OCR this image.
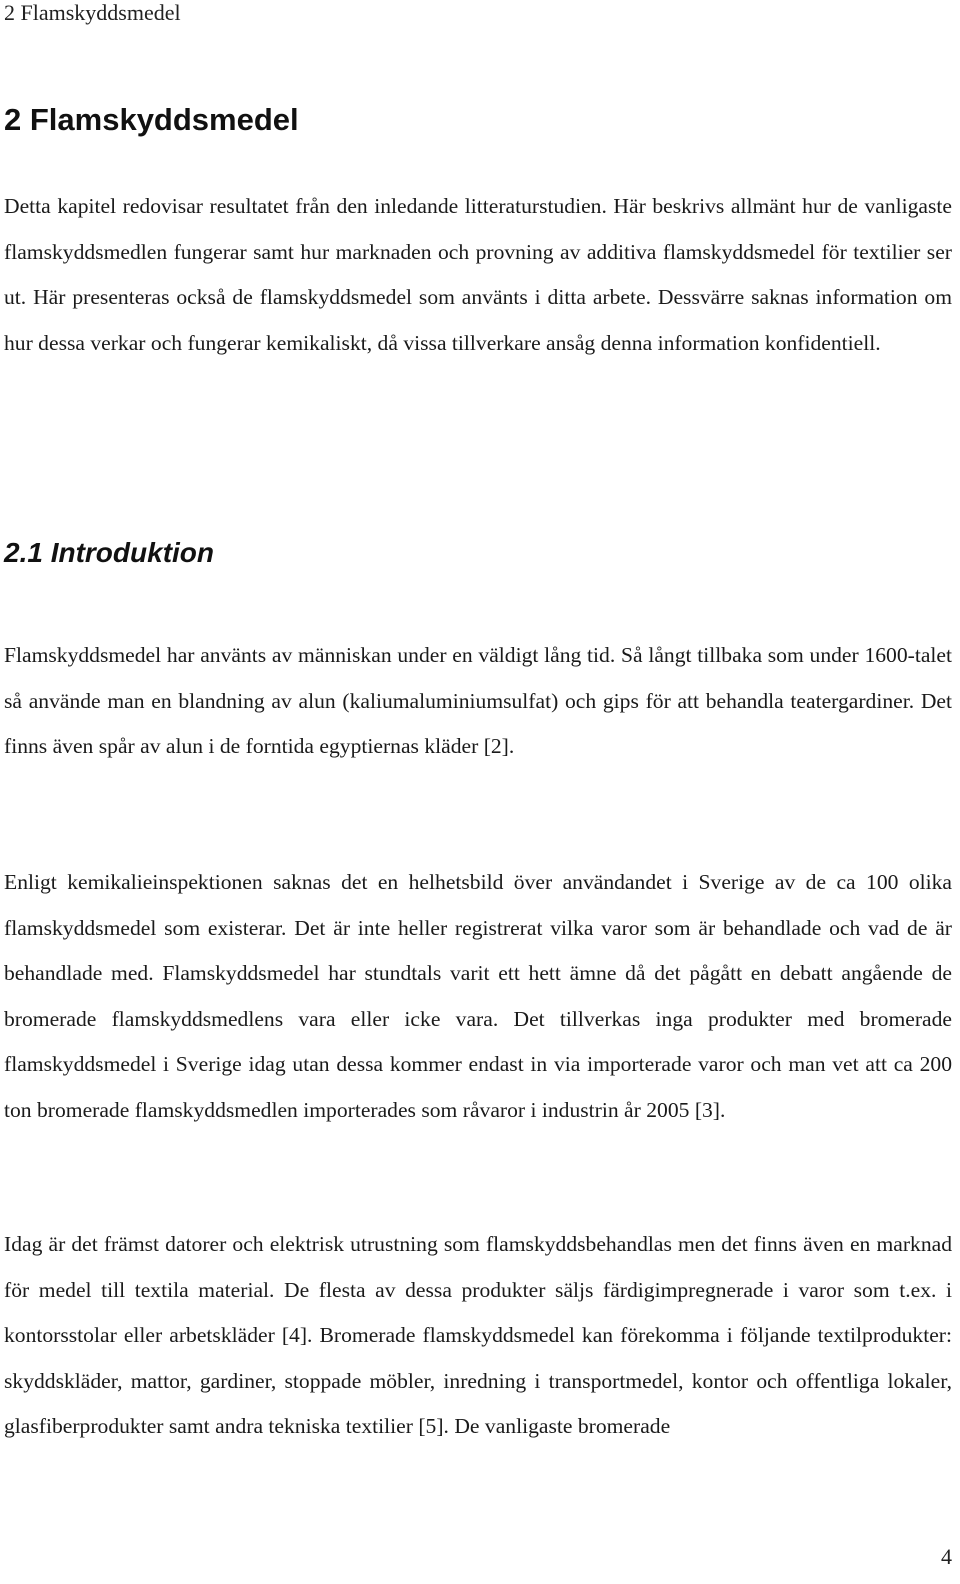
2 Flamskyddsmedel
2 Flamskyddsmedel

Detta kapitel redovisar resultatet från den inledande litteraturstudien. Här beskrivs allmänt hur de vanligaste flamskyddsmedlen fungerar samt hur marknaden och provning av additiva flamskyddsmedel för textilier ser ut. Här presenteras också de flamskyddsmedel som använts i ditta arbete. Dessvärre saknas information om hur dessa verkar och fungerar kemikaliskt, då vissa tillverkare ansåg denna information konfidentiell.

2.1 Introduktion

Flamskyddsmedel har använts av människan under en väldigt lång tid. Så långt tillbaka som under 1600-talet så använde man en blandning av alun (kaliumaluminiumsulfat) och gips för att behandla teatergardiner. Det finns även spår av alun i de forntida egyptiernas kläder [2].

Enligt kemikalieinspektionen saknas det en helhetsbild över användandet i Sverige av de ca 100 olika flamskyddsmedel som existerar. Det är inte heller registrerat vilka varor som är behandlade och vad de är behandlade med. Flamskyddsmedel har stundtals varit ett hett ämne då det pågått en debatt angående de bromerade flamskyddsmedlens vara eller icke vara. Det tillverkas inga produkter med bromerade flamskyddsmedel i Sverige idag utan dessa kommer endast in via importerade varor och man vet att ca 200 ton bromerade flamskyddsmedlen importerades som råvaror i industrin år 2005 [3].

Idag är det främst datorer och elektrisk utrustning som flamskyddsbehandlas men det finns även en marknad för medel till textila material. De flesta av dessa produkter säljs färdigimpregnerade i varor som t.ex. i kontorsstolar eller arbetskläder [4]. Bromerade flamskyddsmedel kan förekomma i följande textilprodukter: skyddskläder, mattor, gardiner, stoppade möbler, inredning i transportmedel, kontor och offentliga lokaler, glasfiberprodukter samt andra tekniska textilier [5]. De vanligaste bromerade

4
